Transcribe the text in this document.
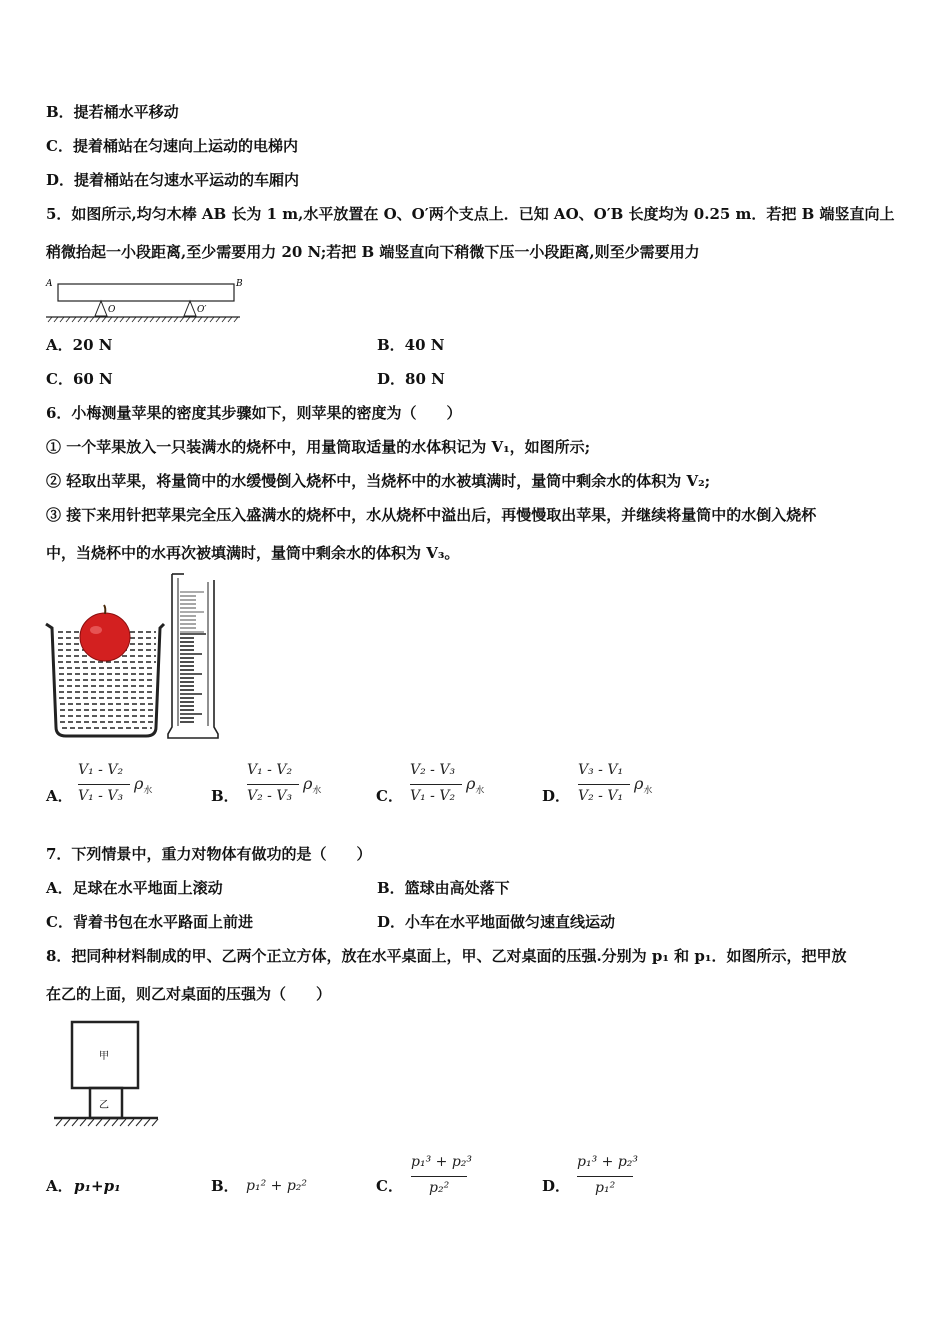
B．提若桶水平移动
C．提着桶站在匀速向上运动的电梯内
D．提着桶站在匀速水平运动的车厢内
5．如图所示,均匀木棒 AB 长为 1 m,水平放置在 O、O′两个支点上．已知 AO、O′B 长度均为 0.25 m．若把 B 端竖直向上
稍微抬起一小段距离,至少需要用力 20 N;若把 B 端竖直向下稍微下压一小段距离,则至少需要用力
A	B
O	O′
A．20 N	B．40 N
C．60 N	D．80 N
6．小梅测量苹果的密度其步骤如下，则苹果的密度为（　　）
① 一个苹果放入一只装满水的烧杯中，用量筒取适量的水体积记为 V₁，如图所示;
② 轻取出苹果，将量筒中的水缓慢倒入烧杯中，当烧杯中的水被填满时，量筒中剩余水的体积为 V₂;
③ 接下来用针把苹果完全压入盛满水的烧杯中，水从烧杯中溢出后，再慢慢取出苹果，并继续将量筒中的水倒入烧杯
中，当烧杯中的水再次被填满时，量筒中剩余水的体积为 V₃。
A．
V₁ - V₂
V₁ - V₃
$\rho_水$	B．
V₁ - V₂
V₂ - V₃
$\rho_水$	C．
V₂ - V₃
V₁ - V₂
$\rho_水$	D．
V₃ - V₁
V₂ - V₁
$\rho_水$
7．下列情景中，重力对物体有做功的是（　　）
A．足球在水平地面上滚动	B．篮球由高处落下
C．背着书包在水平路面上前进	D．小车在水平地面做匀速直线运动
8．把同种材料制成的甲、乙两个正立方体，放在水平桌面上，甲、乙对桌面的压强.分别为 p₁ 和 p₁．如图所示，把甲放
在乙的上面，则乙对桌面的压强为（　　）
甲
乙
A． p₁+p₁	B． p₁² + p₂²	C．
p₁³ + p₂³
p₂²	D．
p₁³ + p₂³
p₁²
